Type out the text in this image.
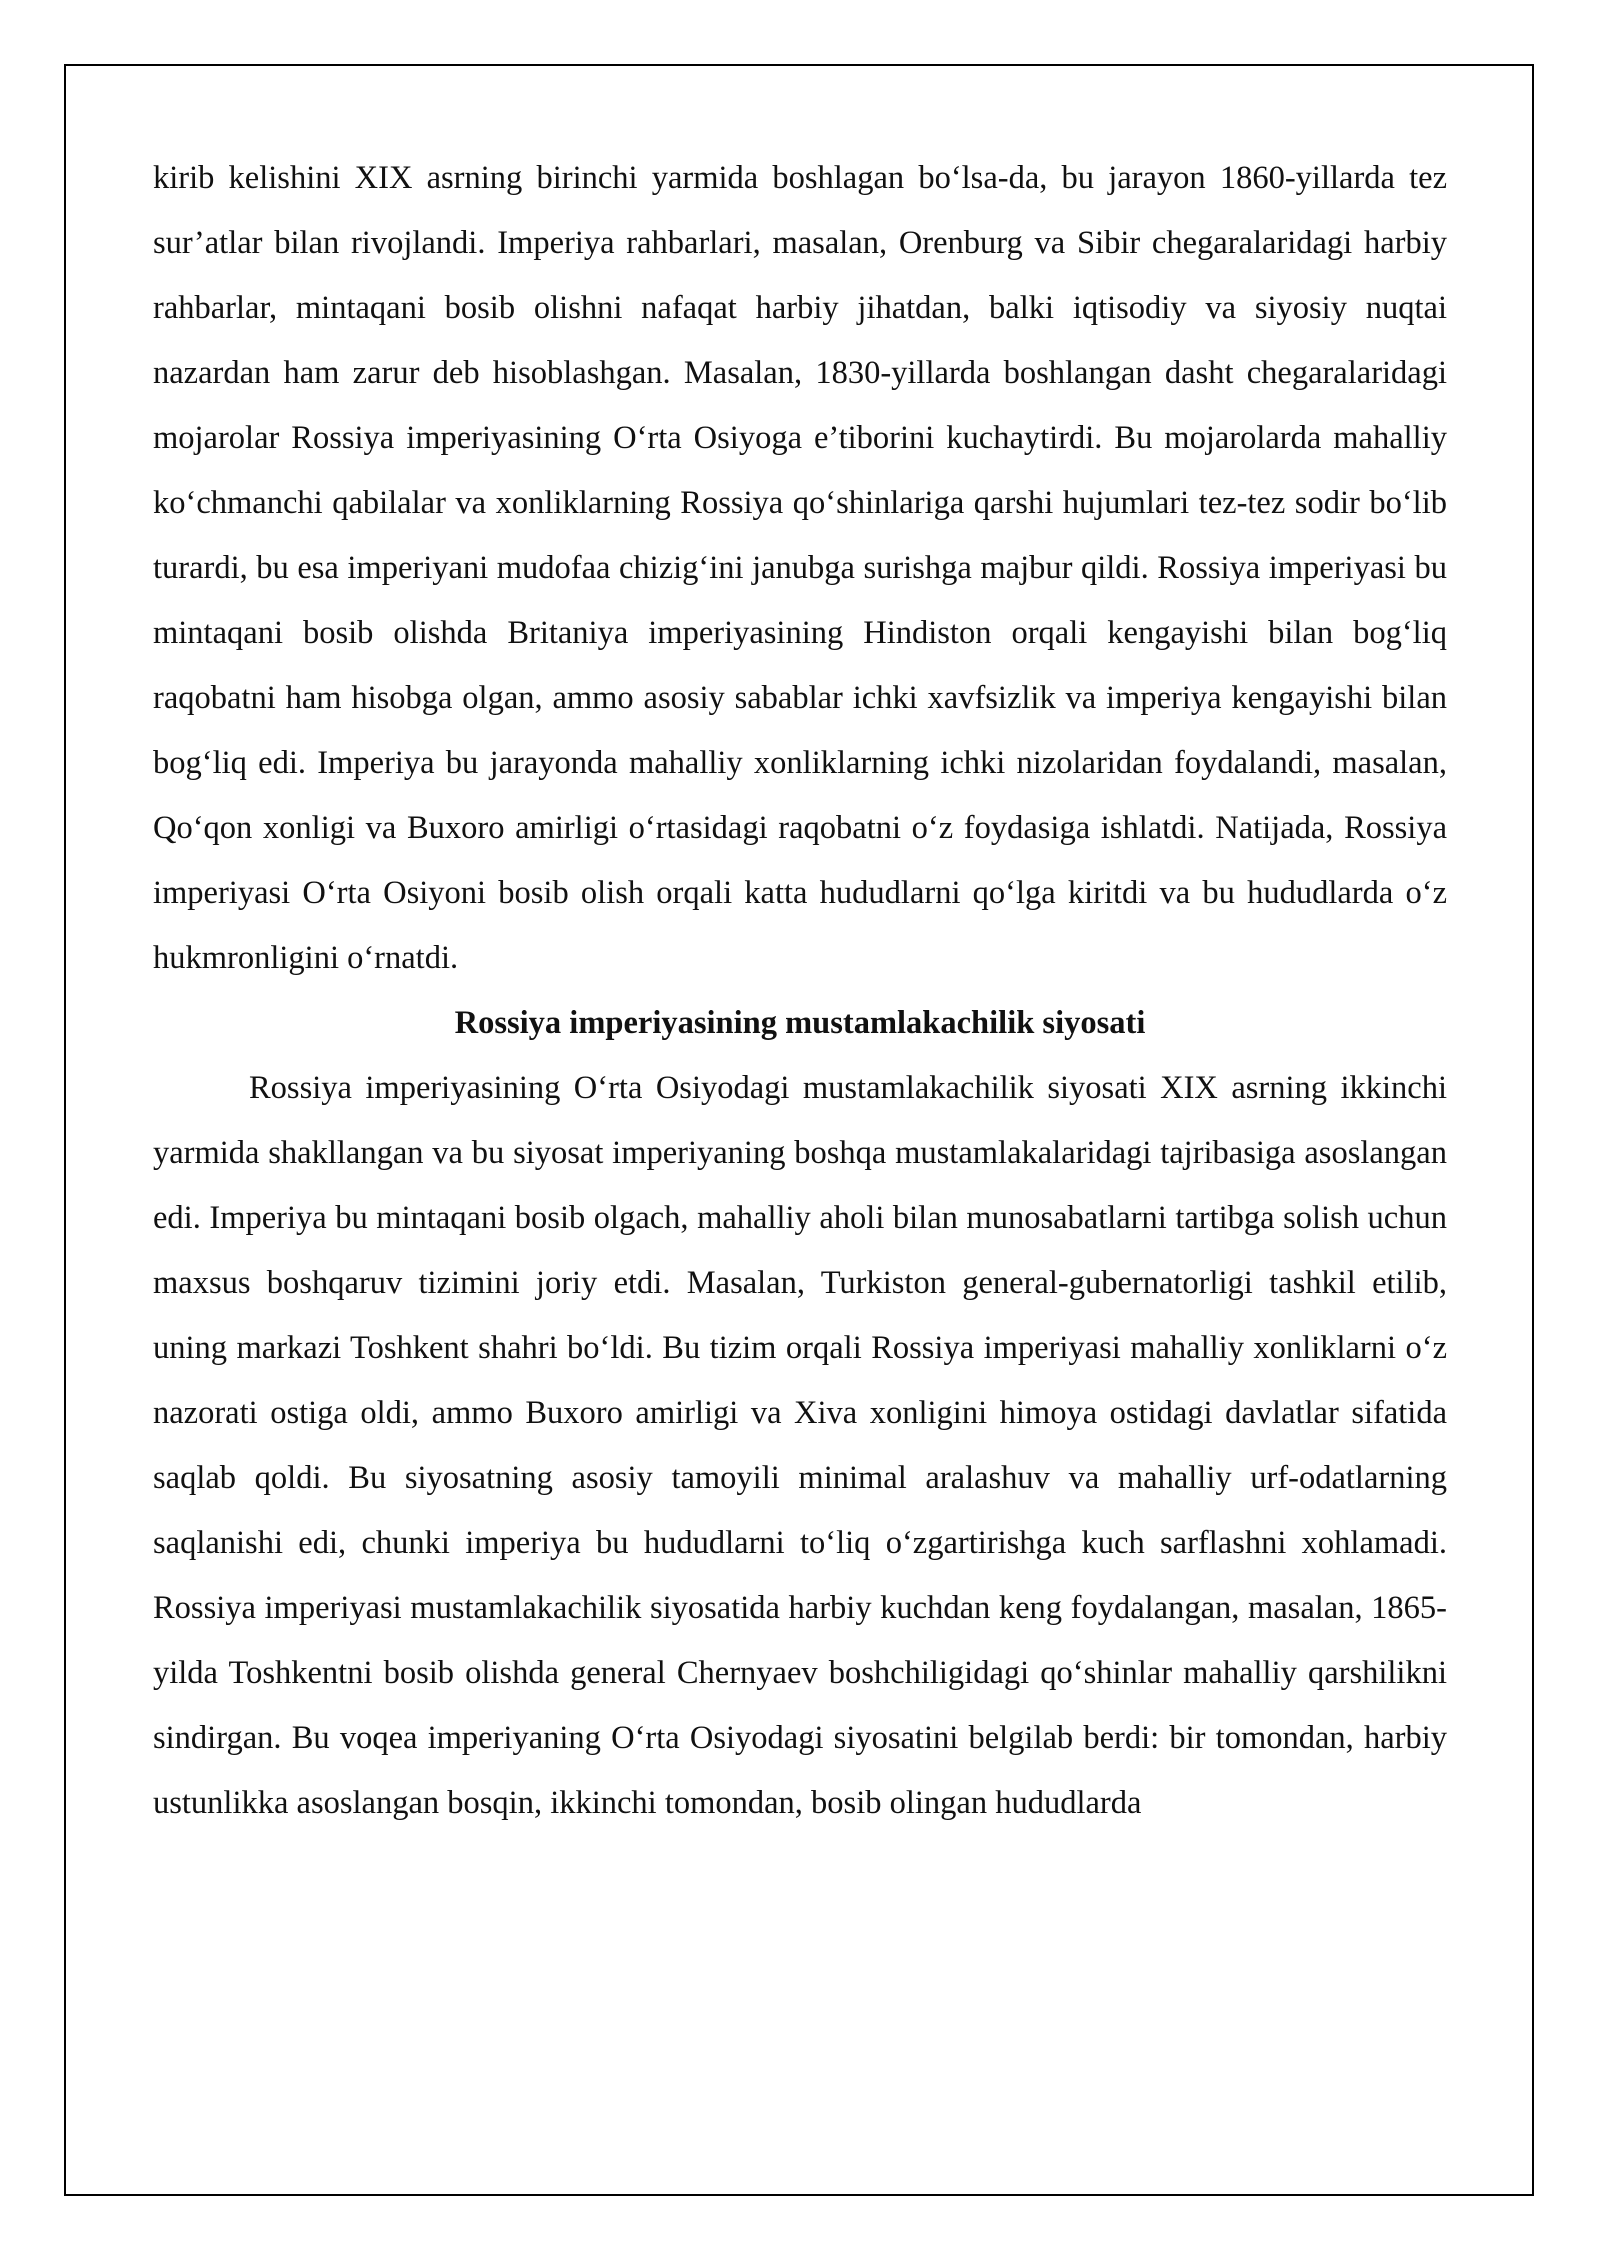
kirib kelishini XIX asrning birinchi yarmida boshlagan bo‘lsa-da, bu jarayon 1860-yillarda tez sur’atlar bilan rivojlandi. Imperiya rahbarlari, masalan, Orenburg va Sibir chegaralaridagi harbiy rahbarlar, mintaqani bosib olishni nafaqat harbiy jihatdan, balki iqtisodiy va siyosiy nuqtai nazardan ham zarur deb hisoblashgan. Masalan, 1830-yillarda boshlangan dasht chegaralaridagi mojarolar Rossiya imperiyasining O‘rta Osiyoga e’tiborini kuchaytirdi. Bu mojarolarda mahalliy ko‘chmanchi qabilalar va xonliklarning Rossiya qo‘shinlariga qarshi hujumlari tez-tez sodir bo‘lib turardi, bu esa imperiyani mudofaa chizig‘ini janubga surishga majbur qildi. Rossiya imperiyasi bu mintaqani bosib olishda Britaniya imperiyasining Hindiston orqali kengayishi bilan bog‘liq raqobatni ham hisobga olgan, ammo asosiy sabablar ichki xavfsizlik va imperiya kengayishi bilan bog‘liq edi. Imperiya bu jarayonda mahalliy xonliklarning ichki nizolaridan foydalandi, masalan, Qo‘qon xonligi va Buxoro amirligi o‘rtasidagi raqobatni o‘z foydasiga ishlatdi. Natijada, Rossiya imperiyasi O‘rta Osiyoni bosib olish orqali katta hududlarni qo‘lga kiritdi va bu hududlarda o‘z hukmronligini o‘rnatdi.

Rossiya imperiyasining mustamlakachilik siyosati

Rossiya imperiyasining O‘rta Osiyodagi mustamlakachilik siyosati XIX asrning ikkinchi yarmida shakllangan va bu siyosat imperiyaning boshqa mustamlakalaridagi tajribasiga asoslangan edi. Imperiya bu mintaqani bosib olgach, mahalliy aholi bilan munosabatlarni tartibga solish uchun maxsus boshqaruv tizimini joriy etdi. Masalan, Turkiston general-gubernatorligi tashkil etilib, uning markazi Toshkent shahri bo‘ldi. Bu tizim orqali Rossiya imperiyasi mahalliy xonliklarni o‘z nazorati ostiga oldi, ammo Buxoro amirligi va Xiva xonligini himoya ostidagi davlatlar sifatida saqlab qoldi. Bu siyosatning asosiy tamoyili minimal aralashuv va mahalliy urf-odatlarning saqlanishi edi, chunki imperiya bu hududlarni to‘liq o‘zgartirishga kuch sarflashni xohlamadi. Rossiya imperiyasi mustamlakachilik siyosatida harbiy kuchdan keng foydalangan, masalan, 1865-yilda Toshkentni bosib olishda general Chernyaev boshchiligidagi qo‘shinlar mahalliy qarshilikni sindirgan. Bu voqea imperiyaning O‘rta Osiyodagi siyosatini belgilab berdi: bir tomondan, harbiy ustunlikka asoslangan bosqin, ikkinchi tomondan, bosib olingan hududlarda
